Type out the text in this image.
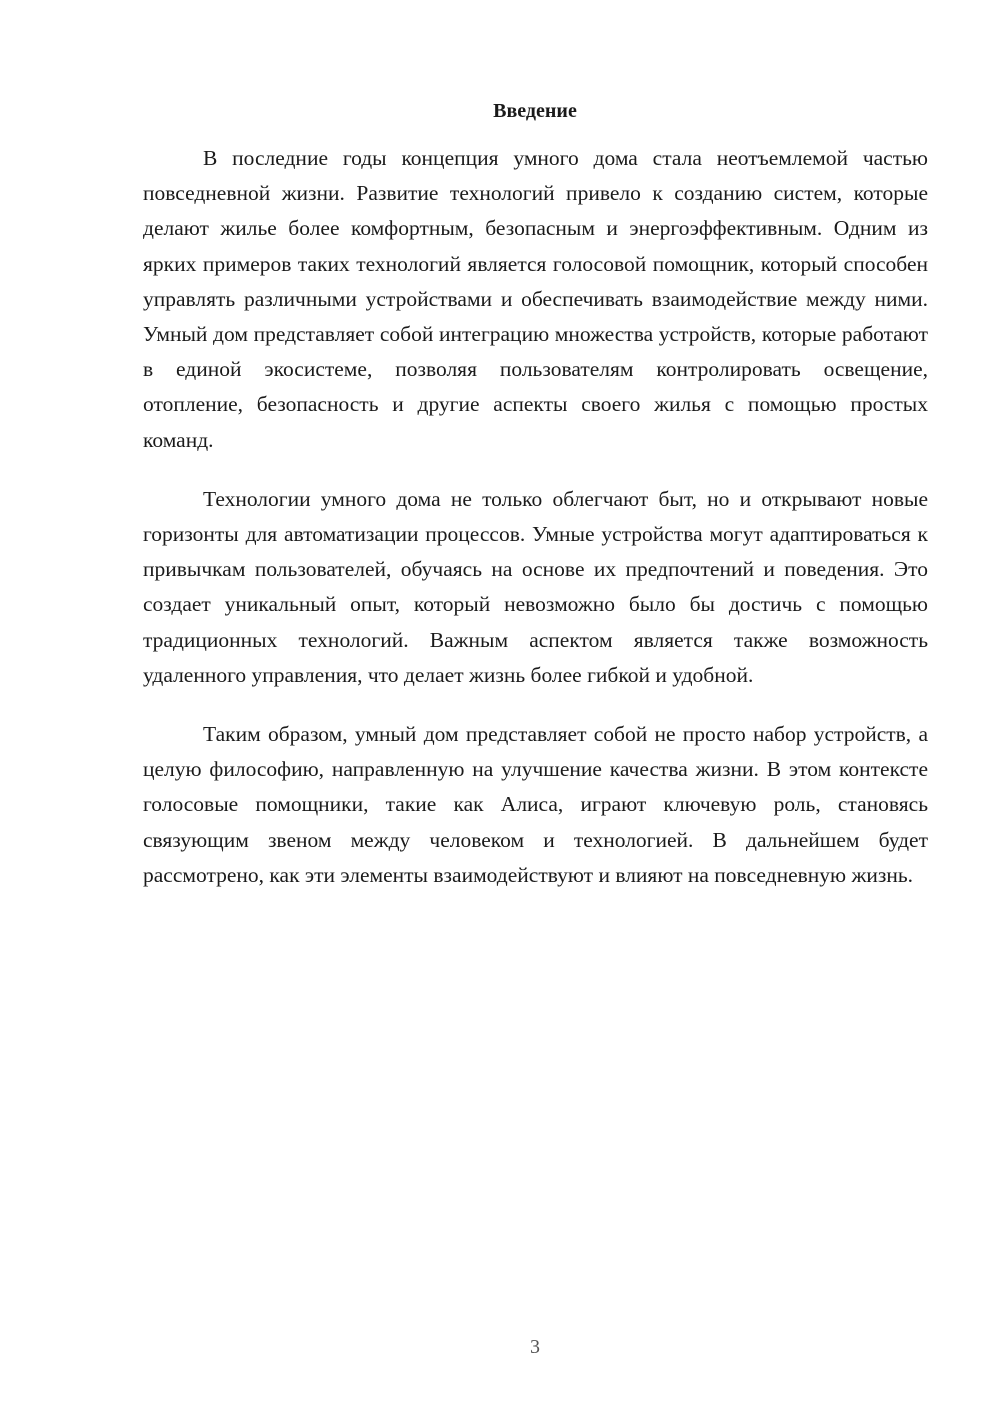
Введение

В последние годы концепция умного дома стала неотъемлемой частью повседневной жизни. Развитие технологий привело к созданию систем, которые делают жилье более комфортным, безопасным и энергоэффективным. Одним из ярких примеров таких технологий является голосовой помощник, который способен управлять различными устройствами и обеспечивать взаимодействие между ними. Умный дом представляет собой интеграцию множества устройств, которые работают в единой экосистеме, позволяя пользователям контролировать освещение, отопление, безопасность и другие аспекты своего жилья с помощью простых команд.

Технологии умного дома не только облегчают быт, но и открывают новые горизонты для автоматизации процессов. Умные устройства могут адаптироваться к привычкам пользователей, обучаясь на основе их предпочтений и поведения. Это создает уникальный опыт, который невозможно было бы достичь с помощью традиционных технологий. Важным аспектом является также возможность удаленного управления, что делает жизнь более гибкой и удобной.

Таким образом, умный дом представляет собой не просто набор устройств, а целую философию, направленную на улучшение качества жизни. В этом контексте голосовые помощники, такие как Алиса, играют ключевую роль, становясь связующим звеном между человеком и технологией. В дальнейшем будет рассмотрено, как эти элементы взаимодействуют и влияют на повседневную жизнь.

3
